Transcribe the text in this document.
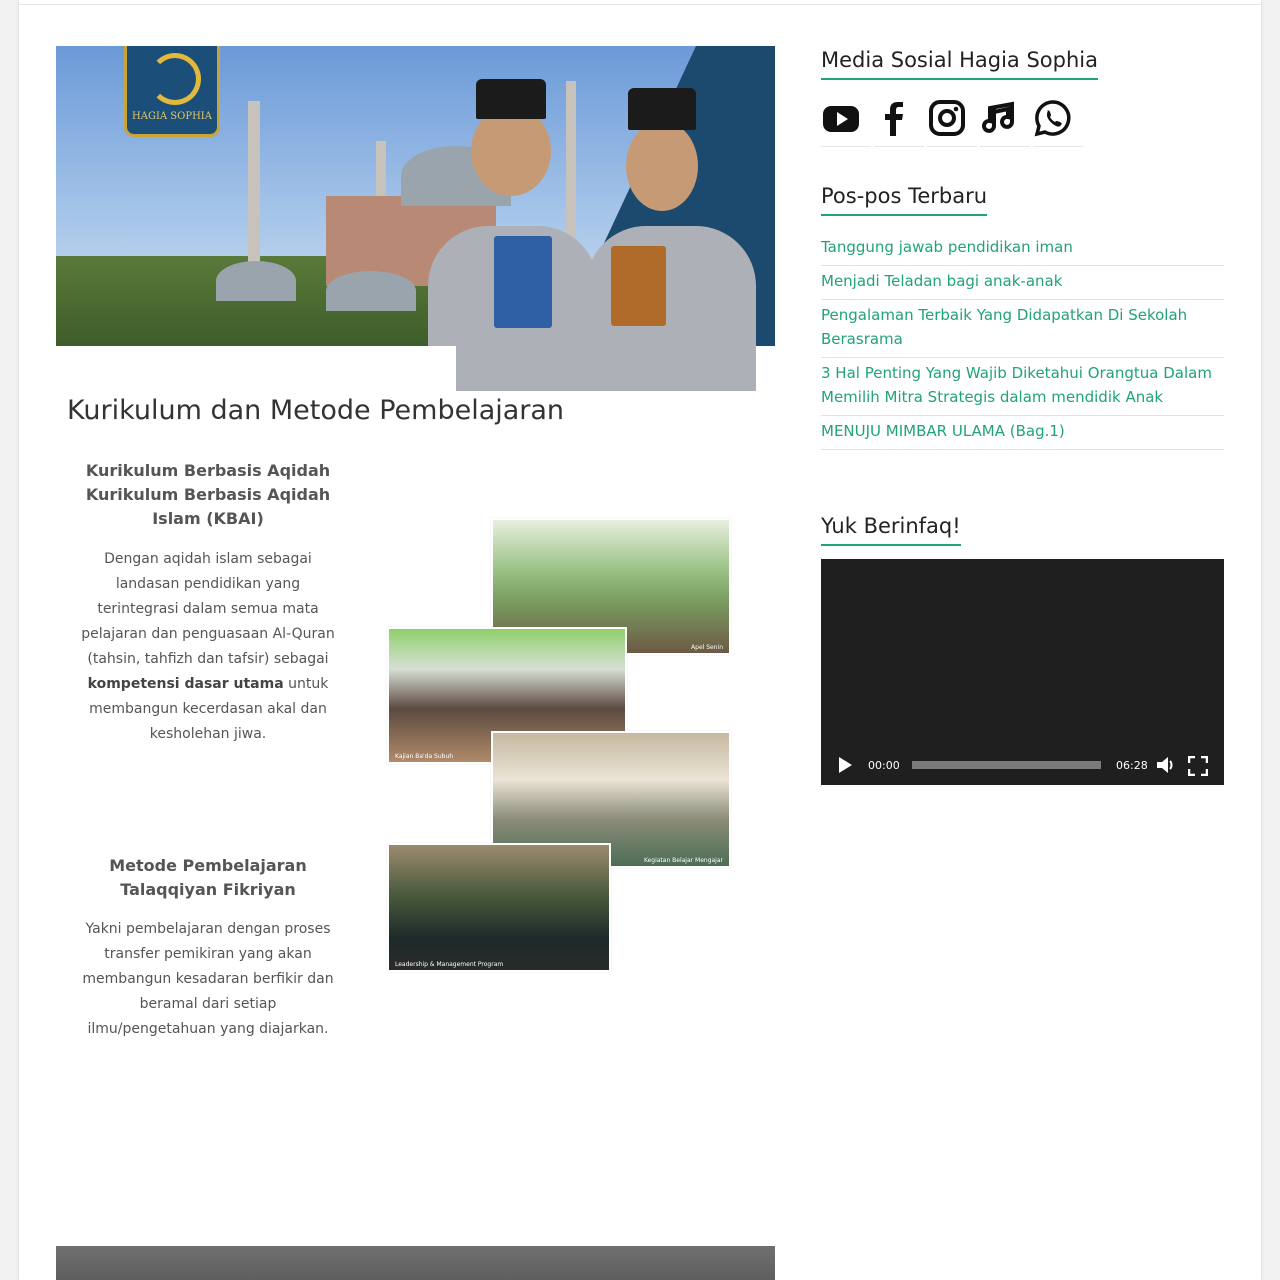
HAGIA SOPHIA
Kurikulum dan Metode Pembelajaran
Kurikulum Berbasis Aqidah Kurikulum Berbasis Aqidah Islam (KBAI)
Dengan aqidah islam sebagai landasan pendidikan yang terintegrasi dalam semua mata pelajaran dan penguasaan Al-Quran (tahsin, tahfizh dan tafsir) sebagai kompetensi dasar utama untuk membangun kecerdasan akal dan kesholehan jiwa.
Metode Pembelajaran Talaqqiyan Fikriyan
Yakni pembelajaran dengan proses transfer pemikiran yang akan membangun kesadaran berfikir dan beramal dari setiap ilmu/pengetahuan yang diajarkan.
Apel Senin
Kajian Ba'da Subuh
Kegiatan Belajar Mengajar
Leadership & Management Program
Media Sosial Hagia Sophia
Pos-pos Terbaru
Tanggung jawab pendidikan iman
Menjadi Teladan bagi anak-anak
Pengalaman Terbaik Yang Didapatkan Di Sekolah Berasrama
3 Hal Penting Yang Wajib Diketahui Orangtua Dalam Memilih Mitra Strategis dalam mendidik Anak
MENUJU MIMBAR ULAMA (Bag.1)
Yuk Berinfaq!
00:00	06:28
